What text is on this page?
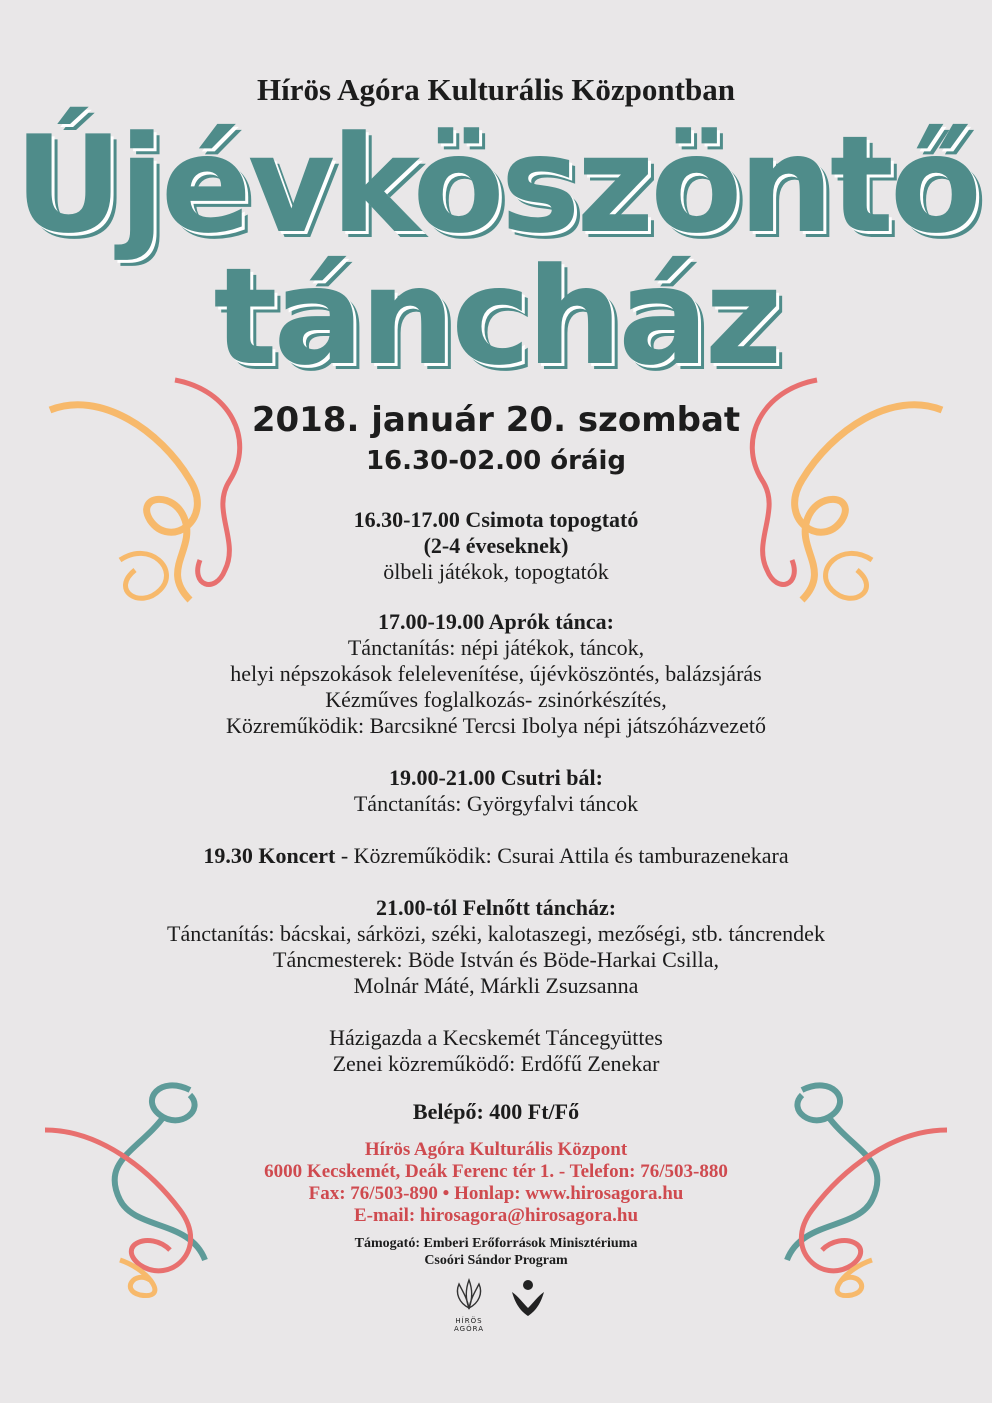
Hírös Agóra Kulturális Központban
Újévköszöntő
táncház
2018. január 20. szombat
16.30-02.00 óráig
16.30-17.00 Csimota topogtató
(2-4 éveseknek)
ölbeli játékok, topogtatók
17.00-19.00 Aprók tánca:
Tánctanítás: népi játékok, táncok,
helyi népszokások felelevenítése, újévköszöntés, balázsjárás
Kézműves foglalkozás- zsinórkészítés,
Közreműködik: Barcsikné Tercsi Ibolya népi játszóházvezető
19.00-21.00 Csutri bál:
Tánctanítás: Györgyfalvi táncok
19.30 Koncert - Közreműködik: Csurai Attila és tamburazenekara
21.00-tól Felnőtt táncház:
Tánctanítás: bácskai, sárközi, széki, kalotaszegi, mezőségi, stb. táncrendek
Táncmesterek: Böde István és Böde-Harkai Csilla,
Molnár Máté, Márkli Zsuzsanna
Házigazda a Kecskemét Táncegyüttes
Zenei közreműködő: Erdőfű Zenekar
Belépő: 400 Ft/Fő
Hírös Agóra Kulturális Központ
6000 Kecskemét, Deák Ferenc tér 1. - Telefon: 76/503-880
Fax: 76/503-890 • Honlap: www.hirosagora.hu
E-mail: hirosagora@hirosagora.hu
Támogató: Emberi Erőforrások Minisztériuma
Csoóri Sándor Program
HÍRÖS AGÓRA
